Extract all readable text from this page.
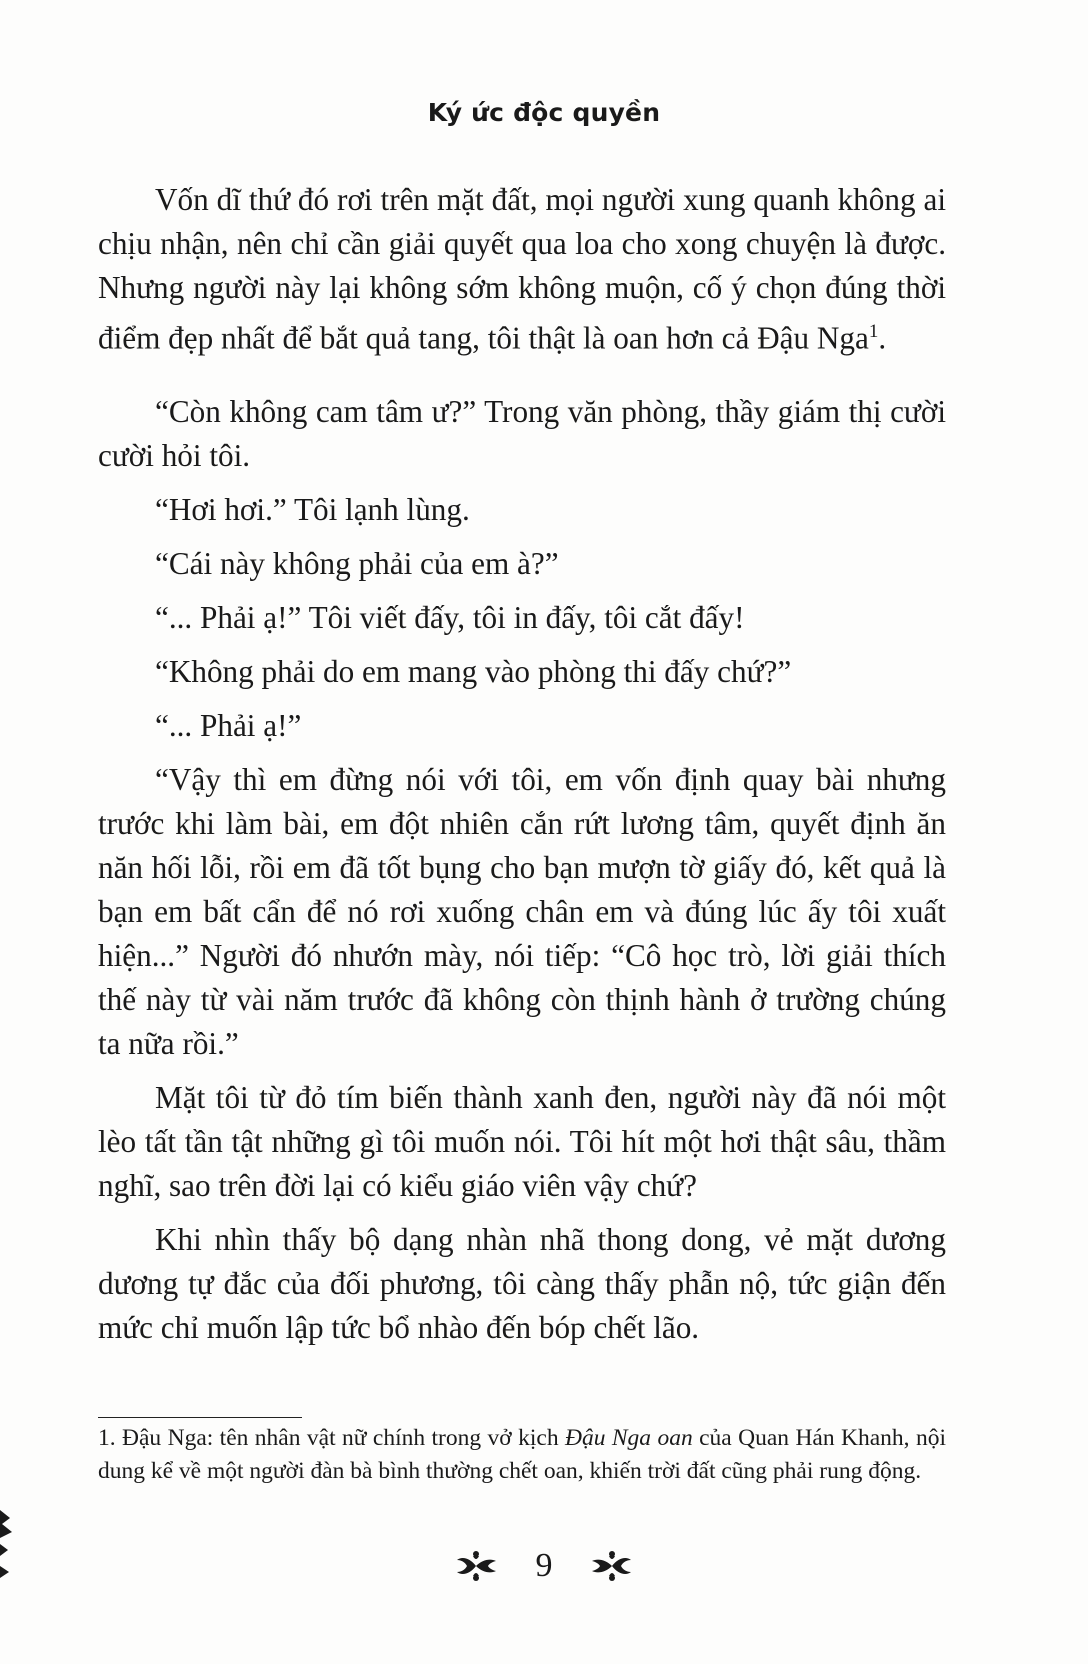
Ký ức độc quyền

Vốn dĩ thứ đó rơi trên mặt đất, mọi người xung quanh không ai chịu nhận, nên chỉ cần giải quyết qua loa cho xong chuyện là được. Nhưng người này lại không sớm không muộn, cố ý chọn đúng thời điểm đẹp nhất để bắt quả tang, tôi thật là oan hơn cả Đậu Nga$^1$.

“Còn không cam tâm ư?” Trong văn phòng, thầy giám thị cười cười hỏi tôi.

“Hơi hơi.” Tôi lạnh lùng.

“Cái này không phải của em à?”

“... Phải ạ!” Tôi viết đấy, tôi in đấy, tôi cắt đấy!

“Không phải do em mang vào phòng thi đấy chứ?”

“... Phải ạ!”

“Vậy thì em đừng nói với tôi, em vốn định quay bài nhưng trước khi làm bài, em đột nhiên cắn rứt lương tâm, quyết định ăn năn hối lỗi, rồi em đã tốt bụng cho bạn mượn tờ giấy đó, kết quả là bạn em bất cẩn để nó rơi xuống chân em và đúng lúc ấy tôi xuất hiện...” Người đó nhướn mày, nói tiếp: “Cô học trò, lời giải thích thế này từ vài năm trước đã không còn thịnh hành ở trường chúng ta nữa rồi.”

Mặt tôi từ đỏ tím biến thành xanh đen, người này đã nói một lèo tất tần tật những gì tôi muốn nói. Tôi hít một hơi thật sâu, thầm nghĩ, sao trên đời lại có kiểu giáo viên vậy chứ?

Khi nhìn thấy bộ dạng nhàn nhã thong dong, vẻ mặt dương dương tự đắc của đối phương, tôi càng thấy phẫn nộ, tức giận đến mức chỉ muốn lập tức bổ nhào đến bóp chết lão.

1. Đậu Nga: tên nhân vật nữ chính trong vở kịch Đậu Nga oan của Quan Hán Khanh, nội dung kể về một người đàn bà bình thường chết oan, khiến trời đất cũng phải rung động.
9
